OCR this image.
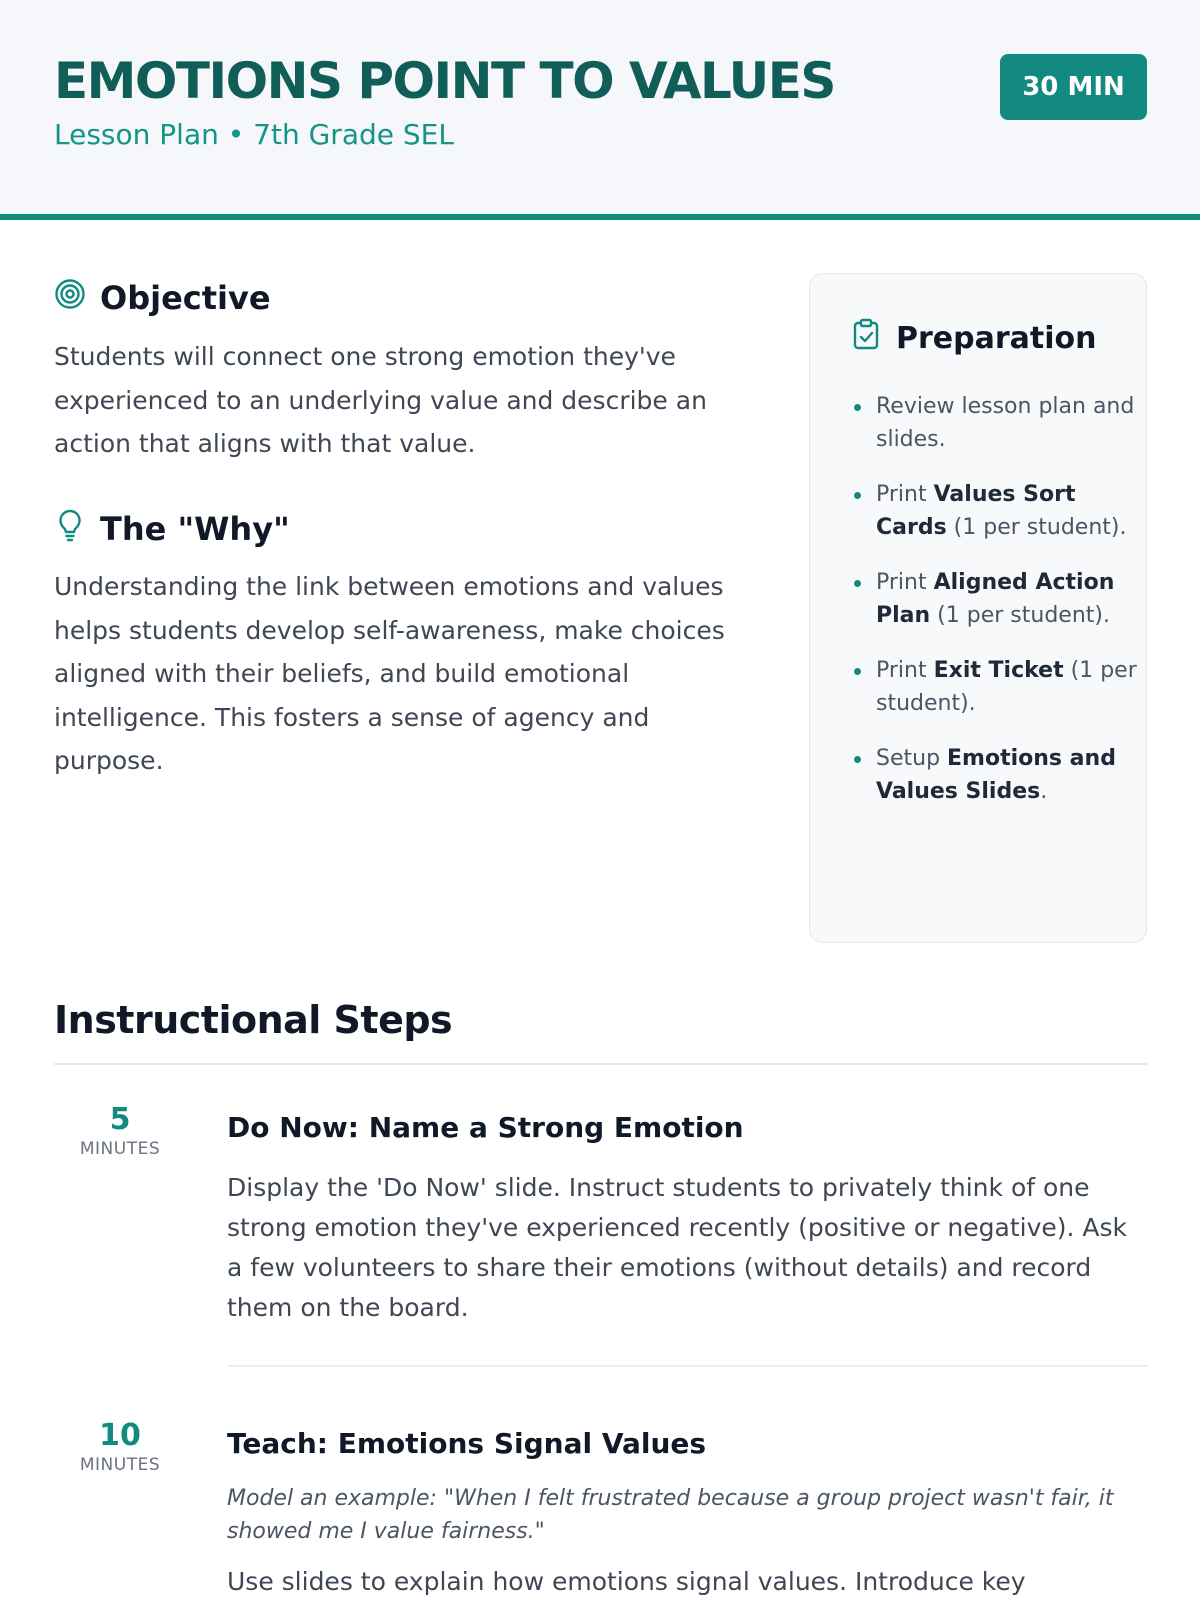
EMOTIONS POINT TO VALUES
Lesson Plan • 7th Grade SEL
30 MIN
Objective
Students will connect one strong emotion they've experienced to an underlying value and describe an action that aligns with that value.
The "Why"
Understanding the link between emotions and values helps students develop self-awareness, make choices aligned with their beliefs, and build emotional intelligence. This fosters a sense of agency and purpose.
Preparation
Review lesson plan and slides.
Print Values Sort Cards (1 per student).
Print Aligned Action Plan (1 per student).
Print Exit Ticket (1 per student).
Setup Emotions and Values Slides.
Instructional Steps
5
MINUTES
Do Now: Name a Strong Emotion
Display the 'Do Now' slide. Instruct students to privately think of one strong emotion they've experienced recently (positive or negative). Ask a few volunteers to share their emotions (without details) and record them on the board.
10
MINUTES
Teach: Emotions Signal Values
Model an example: "When I felt frustrated because a group project wasn't fair, it showed me I value fairness."
Use slides to explain how emotions signal values. Introduce key
